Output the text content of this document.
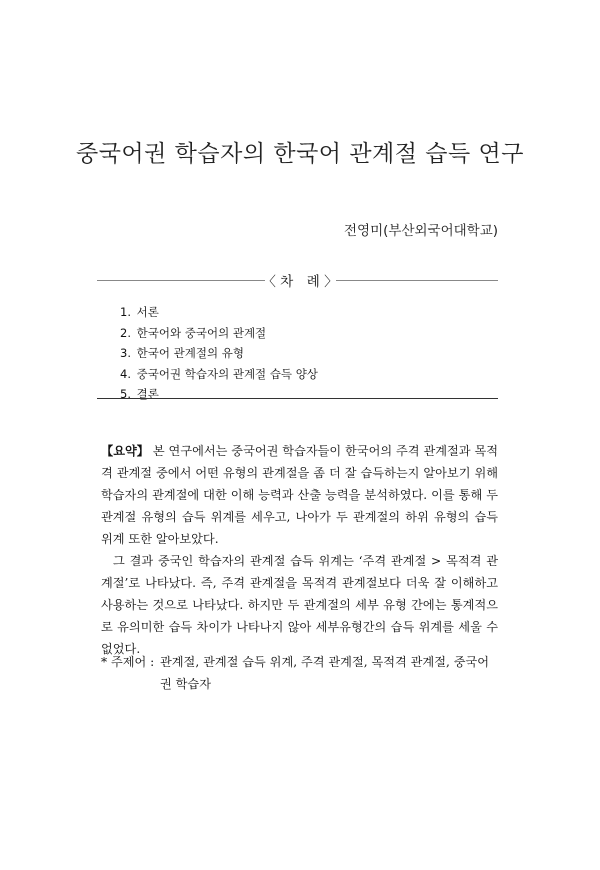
중국어권 학습자의 한국어 관계절 습득 연구
전영미(부산외국어대학교)
〈 차　례 〉
1. 서론
2. 한국어와 중국어의 관계절
3. 한국어 관계절의 유형
4. 중국어권 학습자의 관계절 습득 양상
5. 결론

【요약】 본 연구에서는 중국어권 학습자들이 한국어의 주격 관계절과 목적격 관계절 중에서 어떤 유형의 관계절을 좀 더 잘 습득하는지 알아보기 위해 학습자의 관계절에 대한 이해 능력과 산출 능력을 분석하였다. 이를 통해 두 관계절 유형의 습득 위계를 세우고, 나아가 두 관계절의 하위 유형의 습득 위계 또한 알아보았다.

그 결과 중국인 학습자의 관계절 습득 위계는 ‘주격 관계절 > 목적격 관계절’로 나타났다. 즉, 주격 관계절을 목적격 관계절보다 더욱 잘 이해하고 사용하는 것으로 나타났다. 하지만 두 관계절의 세부 유형 간에는 통계적으로 유의미한 습득 차이가 나타나지 않아 세부유형간의 습득 위계를 세울 수 없었다.

* 주제어 : 관계절, 관계절 습득 위계, 주격 관계절, 목적격 관계절, 중국어권 학습자
